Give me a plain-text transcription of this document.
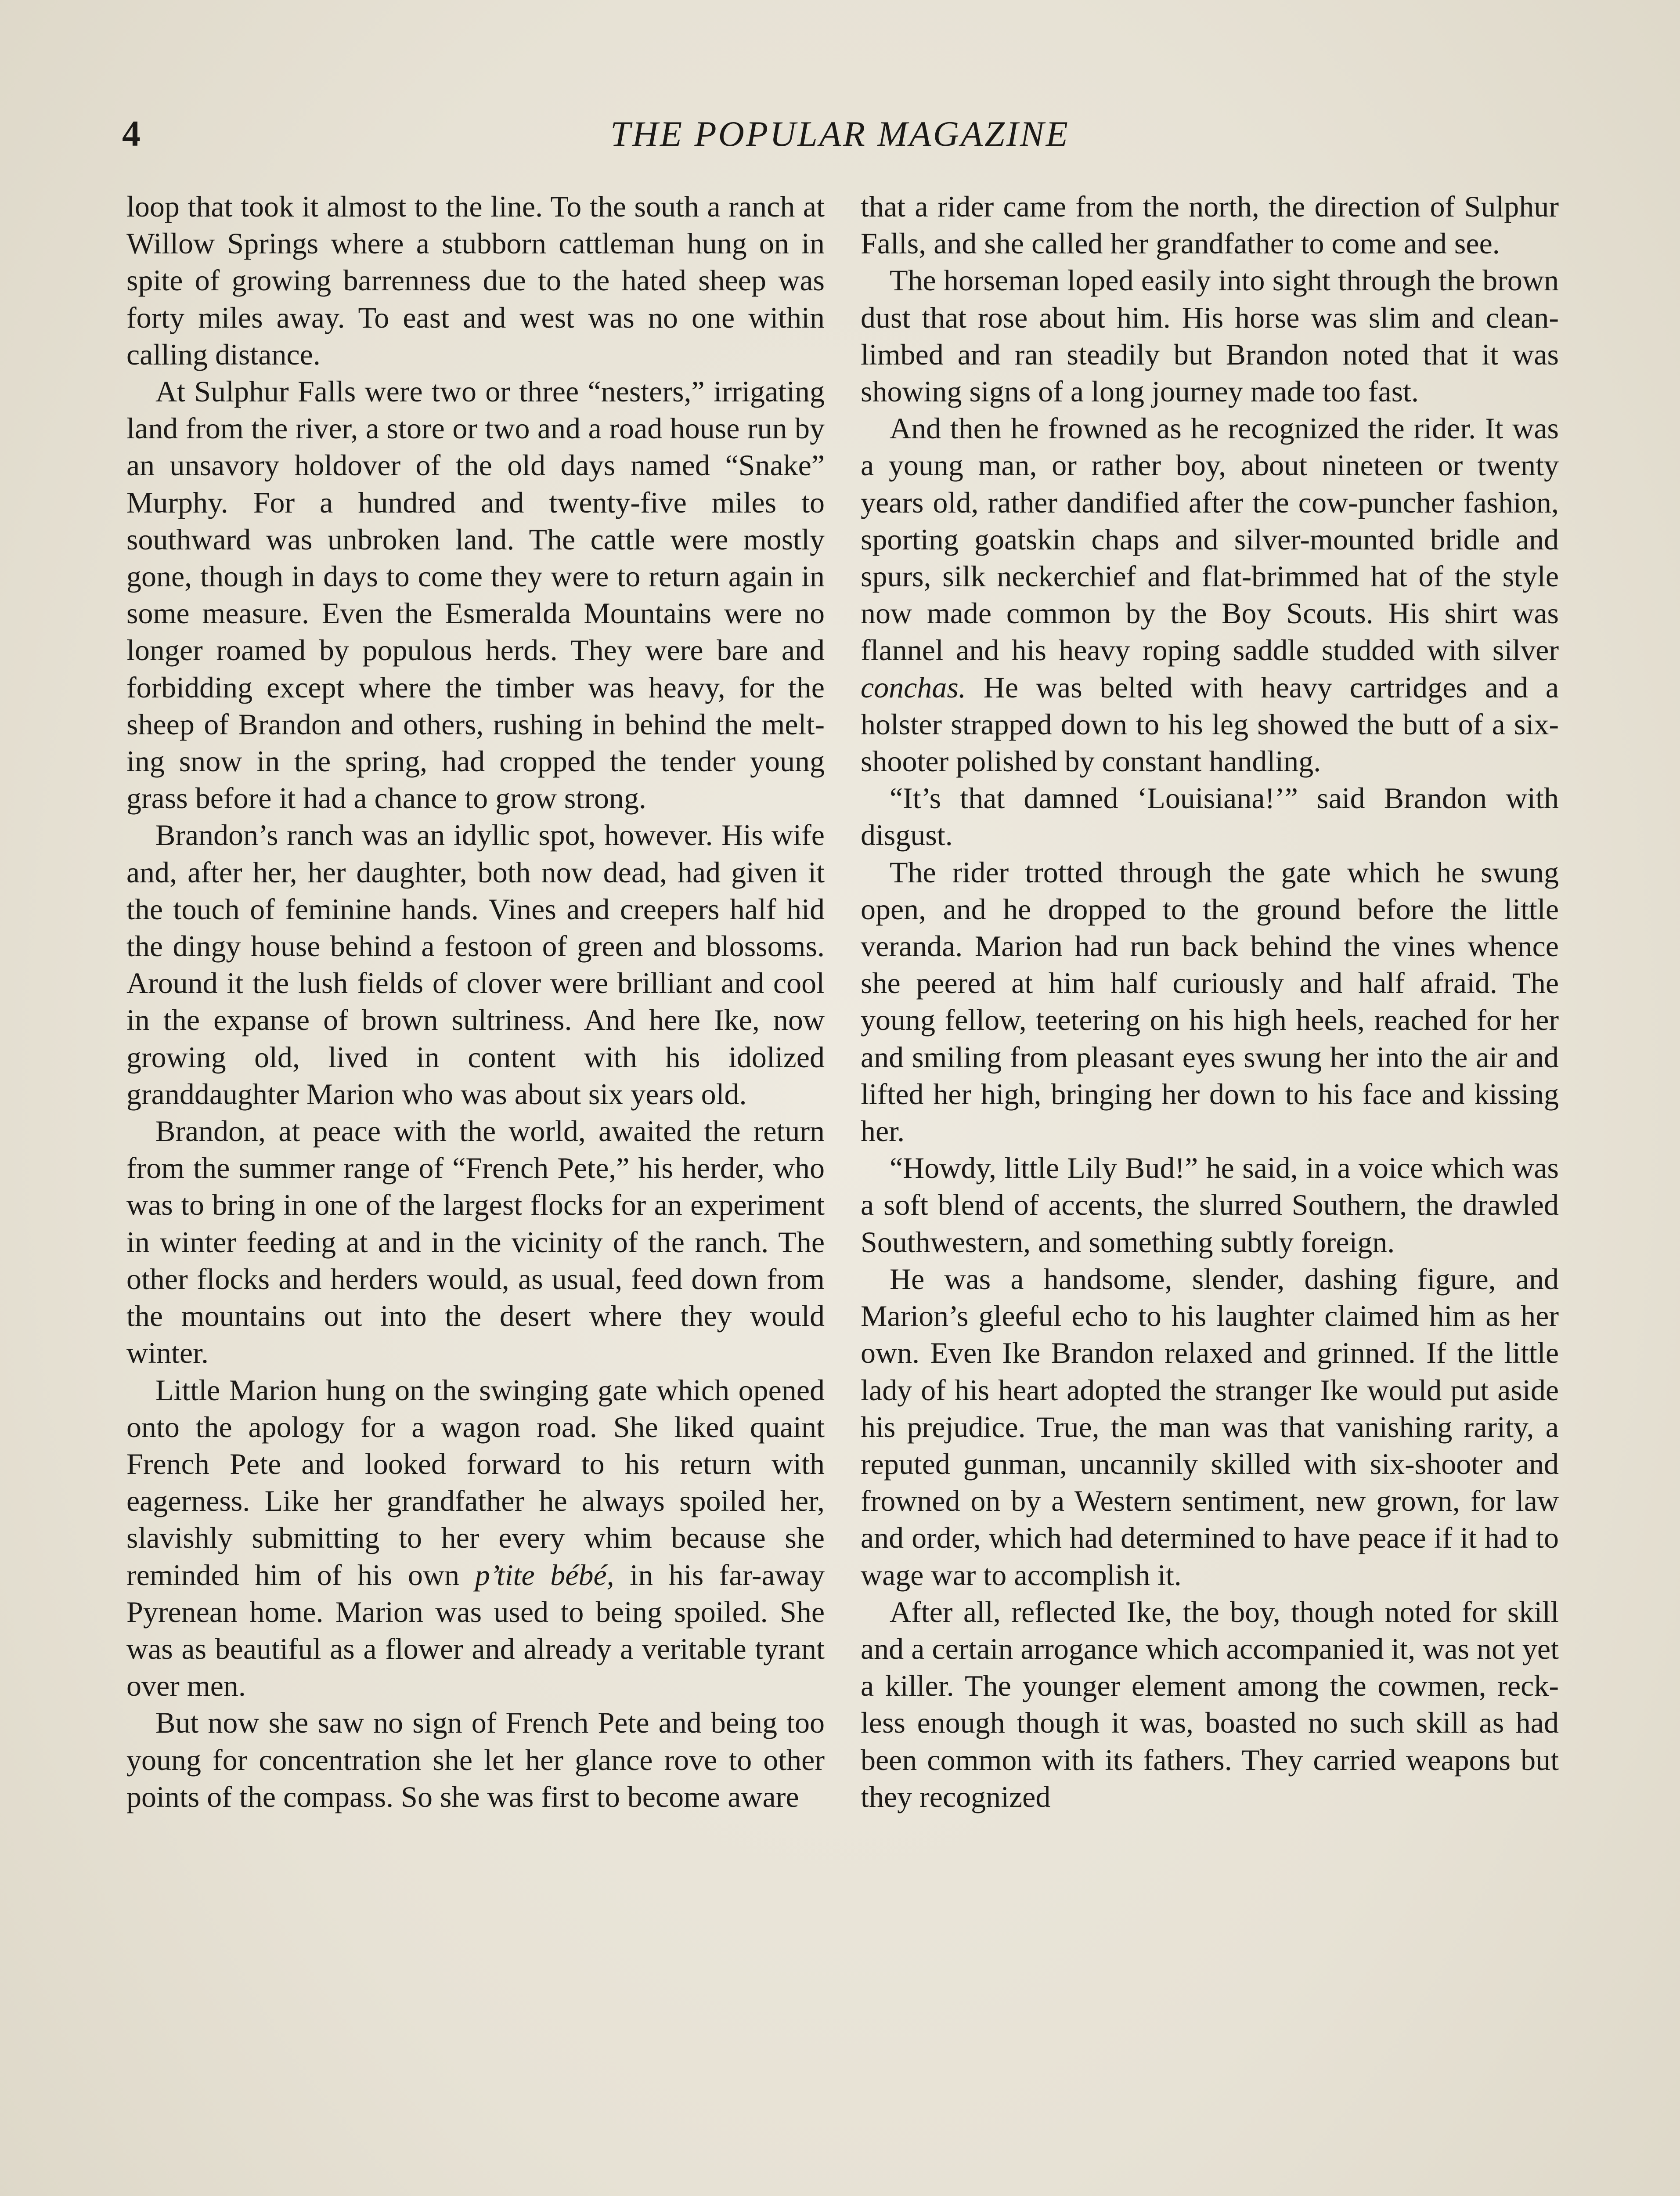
4	THE POPULAR MAGAZINE

loop that took it almost to the line. To the south a ranch at Willow Springs where a stubborn cattleman hung on in spite of growing barrenness due to the hated sheep was forty miles away. To east and west was no one within calling distance.

At Sulphur Falls were two or three “nesters,” irrigating land from the river, a store or two and a road house run by an unsavory holdover of the old days named “Snake” Murphy. For a hundred and twenty-five miles to southward was unbroken land. The cattle were mostly gone, though in days to come they were to return again in some measure. Even the Esmeralda Mountains were no longer roamed by populous herds. They were bare and forbidding except where the timber was heavy, for the sheep of Brandon and others, rushing in behind the melting snow in the spring, had cropped the tender young grass before it had a chance to grow strong.

Brandon’s ranch was an idyllic spot, however. His wife and, after her, her daughter, both now dead, had given it the touch of feminine hands. Vines and creepers half hid the dingy house behind a festoon of green and blossoms. Around it the lush fields of clover were brilliant and cool in the expanse of brown sultriness. And here Ike, now growing old, lived in content with his idolized granddaughter Marion who was about six years old.

Brandon, at peace with the world, awaited the return from the summer range of “French Pete,” his herder, who was to bring in one of the largest flocks for an experiment in winter feeding at and in the vicinity of the ranch. The other flocks and herders would, as usual, feed down from the mountains out into the desert where they would winter.

Little Marion hung on the swinging gate which opened onto the apology for a wagon road. She liked quaint French Pete and looked forward to his return with eagerness. Like her grandfather he always spoiled her, slavishly submitting to her every whim because she reminded him of his own p’tite bébé, in his far-away Pyrenean home. Marion was used to being spoiled. She was as beautiful as a flower and already a veritable tyrant over men.

But now she saw no sign of French Pete and being too young for concentration she let her glance rove to other points of the compass. So she was first to become aware

that a rider came from the north, the direction of Sulphur Falls, and she called her grandfather to come and see.

The horseman loped easily into sight through the brown dust that rose about him. His horse was slim and clean-limbed and ran steadily but Brandon noted that it was showing signs of a long journey made too fast.

And then he frowned as he recognized the rider. It was a young man, or rather boy, about nineteen or twenty years old, rather dandified after the cow-puncher fashion, sporting goatskin chaps and silver-mounted bridle and spurs, silk neckerchief and flat-brimmed hat of the style now made common by the Boy Scouts. His shirt was flannel and his heavy roping saddle studded with silver conchas. He was belted with heavy cartridges and a holster strapped down to his leg showed the butt of a six-shooter polished by constant handling.

“It’s that damned ‘Louisiana!’” said Brandon with disgust.

The rider trotted through the gate which he swung open, and he dropped to the ground before the little veranda. Marion had run back behind the vines whence she peered at him half curiously and half afraid. The young fellow, teetering on his high heels, reached for her and smiling from pleasant eyes swung her into the air and lifted her high, bringing her down to his face and kissing her.

“Howdy, little Lily Bud!” he said, in a voice which was a soft blend of accents, the slurred Southern, the drawled Southwestern, and something subtly foreign.

He was a handsome, slender, dashing figure, and Marion’s gleeful echo to his laughter claimed him as her own. Even Ike Brandon relaxed and grinned. If the little lady of his heart adopted the stranger Ike would put aside his prejudice. True, the man was that vanishing rarity, a reputed gunman, uncannily skilled with six-shooter and frowned on by a Western sentiment, new grown, for law and order, which had determined to have peace if it had to wage war to accomplish it.

After all, reflected Ike, the boy, though noted for skill and a certain arrogance which accompanied it, was not yet a killer. The younger element among the cowmen, reckless enough though it was, boasted no such skill as had been common with its fathers. They carried weapons but they recognized
